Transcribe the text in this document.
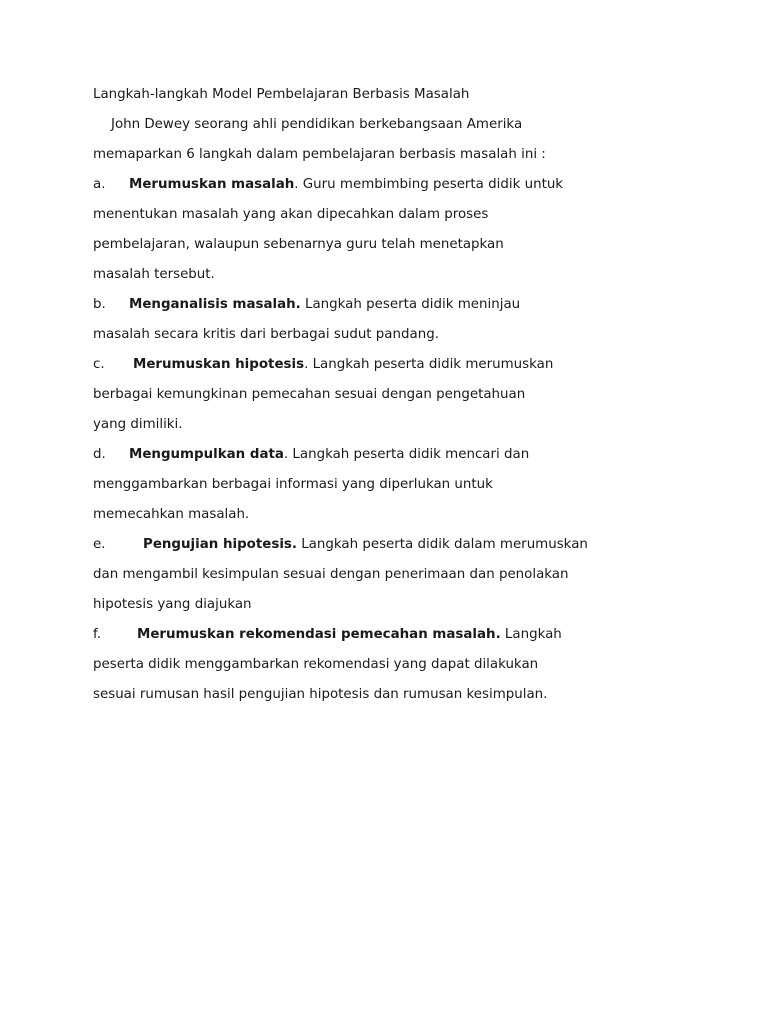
Langkah-langkah Model Pembelajaran Berbasis Masalah
John Dewey seorang ahli pendidikan berkebangsaan Amerika
memaparkan 6 langkah dalam pembelajaran berbasis masalah ini :
a. Merumuskan masalah. Guru membimbing peserta didik untuk
menentukan masalah yang akan dipecahkan dalam proses
pembelajaran, walaupun sebenarnya guru telah menetapkan
masalah tersebut.
b. Menganalisis masalah. Langkah peserta didik meninjau
masalah secara kritis dari berbagai sudut pandang.
c. Merumuskan hipotesis. Langkah peserta didik merumuskan
berbagai kemungkinan pemecahan sesuai dengan pengetahuan
yang dimiliki.
d. Mengumpulkan data. Langkah peserta didik mencari dan
menggambarkan berbagai informasi yang diperlukan untuk
memecahkan masalah.
e.	Pengujian hipotesis. Langkah peserta didik dalam merumuskan
dan mengambil kesimpulan sesuai dengan penerimaan dan penolakan
hipotesis yang diajukan
f.	Merumuskan rekomendasi pemecahan masalah. Langkah
peserta didik menggambarkan rekomendasi yang dapat dilakukan
sesuai rumusan hasil pengujian hipotesis dan rumusan kesimpulan.
